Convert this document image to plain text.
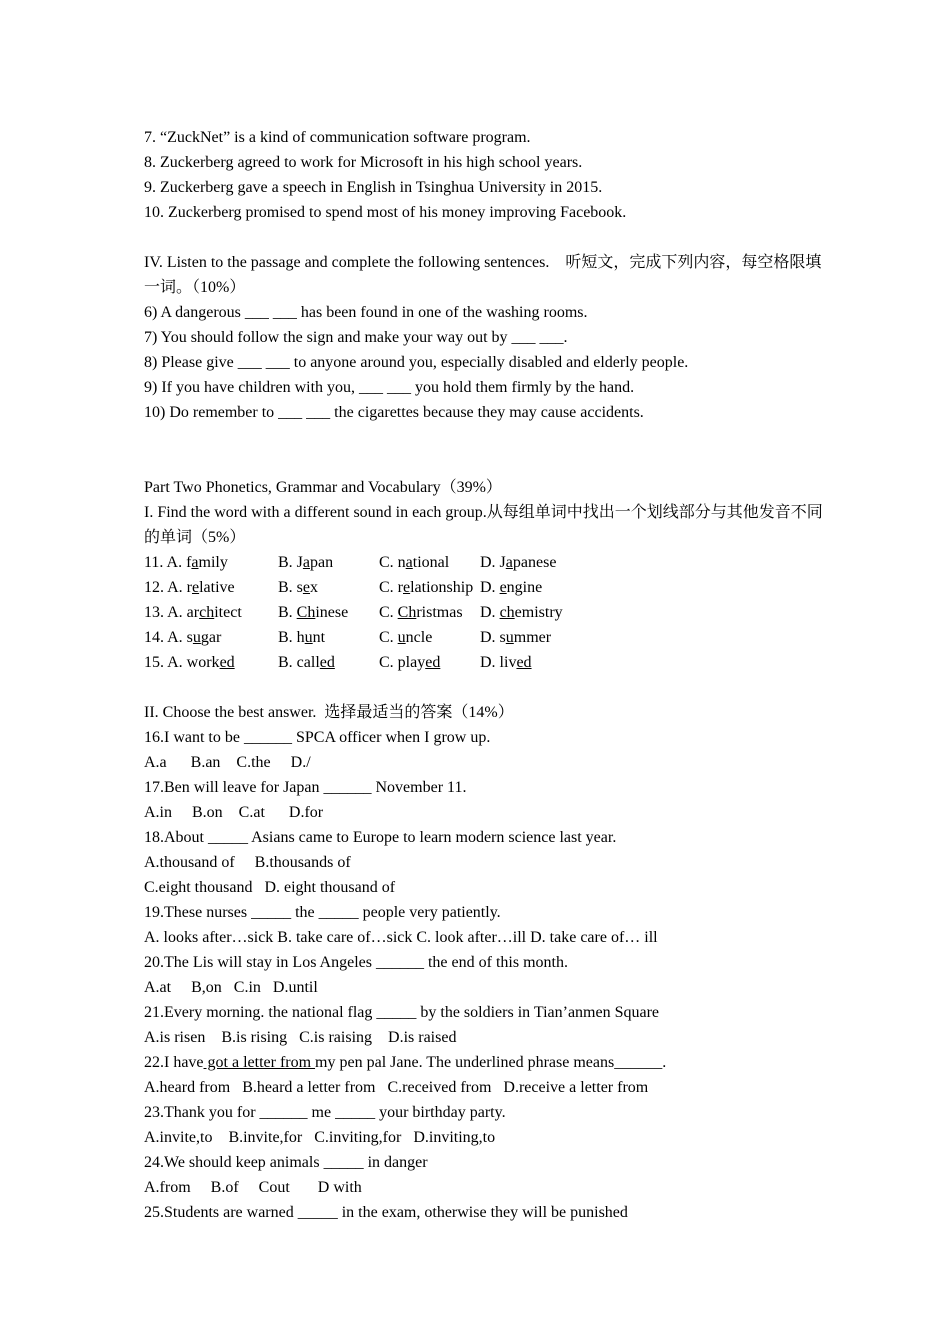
7. “ZuckNet” is a kind of communication software program.
8. Zuckerberg agreed to work for Microsoft in his high school years.
9. Zuckerberg gave a speech in English in Tsinghua University in 2015.
10. Zuckerberg promised to spend most of his money improving Facebook.
IV. Listen to the passage and complete the following sentences.　听短文，完成下列内容，每空格限填一词。（10%）
6) A dangerous ___ ___ has been found in one of the washing rooms.
7) You should follow the sign and make your way out by ___ ___.
8) Please give ___ ___ to anyone around you, especially disabled and elderly people.
9) If you have children with you, ___ ___ you hold them firmly by the hand.
10) Do remember to ___ ___ the cigarettes because they may cause accidents.
Part Two Phonetics, Grammar and Vocabulary（39%）
I. Find the word with a different sound in each group.从每组单词中找出一个划线部分与其他发音不同的单词（5%）
11. A. family	B. Japan	C. national	D. Japanese
12. A. relative	B. sex	C. relationship D. engine
13. A. architect	B. Chinese	C. Christmas	D. chemistry
14. A. sugar	B. hunt	C. uncle	D. summer
15. A. worked	B. called	C. played	D. lived
II. Choose the best answer.  选择最适当的答案（14%）
16.I want to be ______ SPCA officer when I grow up.
A.a      B.an    C.the     D./
17.Ben will leave for Japan ______ November 11.
A.in     B.on    C.at      D.for
18.About _____ Asians came to Europe to learn modern science last year.
A.thousand of     B.thousands of
C.eight thousand   D. eight thousand of
19.These nurses _____ the _____ people very patiently.
A. looks after…sick B. take care of…sick C. look after…ill D. take care of… ill
20.The Lis will stay in Los Angeles ______ the end of this month.
A.at     B,on   C.in   D.until
21.Every morning. the national flag _____ by the soldiers in Tian’anmen Square
A.is risen    B.is rising   C.is raising    D.is raised
22.I have got a letter from my pen pal Jane. The underlined phrase means______.
A.heard from   B.heard a letter from   C.received from   D.receive a letter from
23.Thank you for ______ me _____ your birthday party.
A.invite,to    B.invite,for   C.inviting,for   D.inviting,to
24.We should keep animals _____ in danger
A.from     B.of     Cout       D with
25.Students are warned _____ in the exam, otherwise they will be punished
